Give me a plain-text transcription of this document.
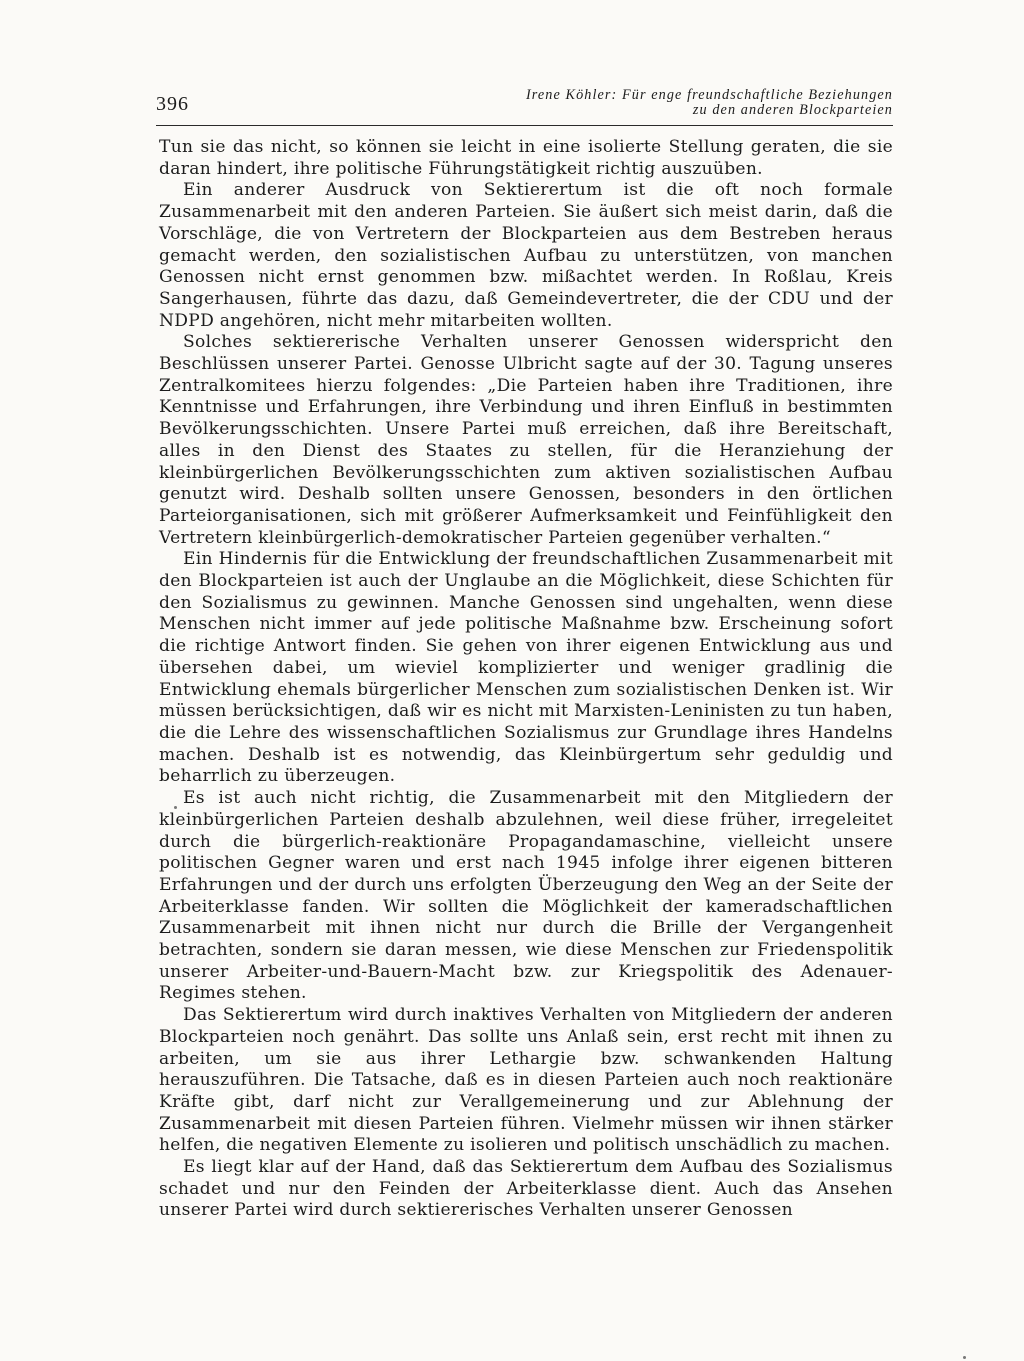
396	Irene Köhler: Für enge freundschaftliche Beziehungen
zu den anderen Blockparteien

Tun sie das nicht, so können sie leicht in eine isolierte Stellung geraten, die sie daran hindert, ihre politische Führungstätigkeit richtig auszuüben.

Ein anderer Ausdruck von Sektierertum ist die oft noch formale Zusammenarbeit mit den anderen Parteien. Sie äußert sich meist darin, daß die Vorschläge, die von Vertretern der Blockparteien aus dem Bestreben heraus gemacht werden, den sozialistischen Aufbau zu unterstützen, von manchen Genossen nicht ernst genommen bzw. mißachtet werden. In Roßlau, Kreis Sangerhausen, führte das dazu, daß Gemeindevertreter, die der CDU und der NDPD angehören, nicht mehr mitarbeiten wollten.

Solches sektiererische Verhalten unserer Genossen widerspricht den Beschlüssen unserer Partei. Genosse Ulbricht sagte auf der 30. Tagung unseres Zentralkomitees hierzu folgendes: „Die Parteien haben ihre Traditionen, ihre Kenntnisse und Erfahrungen, ihre Verbindung und ihren Einfluß in bestimmten Bevölkerungsschichten. Unsere Partei muß erreichen, daß ihre Bereitschaft, alles in den Dienst des Staates zu stellen, für die Heranziehung der kleinbürgerlichen Bevölkerungsschichten zum aktiven sozialistischen Aufbau genutzt wird. Deshalb sollten unsere Genossen, besonders in den örtlichen Parteiorganisationen, sich mit größerer Aufmerksamkeit und Feinfühligkeit den Vertretern kleinbürgerlich-demokratischer Parteien gegenüber verhalten.“

Ein Hindernis für die Entwicklung der freundschaftlichen Zusammenarbeit mit den Blockparteien ist auch der Unglaube an die Möglichkeit, diese Schichten für den Sozialismus zu gewinnen. Manche Genossen sind ungehalten, wenn diese Menschen nicht immer auf jede politische Maßnahme bzw. Erscheinung sofort die richtige Antwort finden. Sie gehen von ihrer eigenen Entwicklung aus und übersehen dabei, um wieviel komplizierter und weniger gradlinig die Entwicklung ehemals bürgerlicher Menschen zum sozialistischen Denken ist. Wir müssen berücksichtigen, daß wir es nicht mit Marxisten-Leninisten zu tun haben, die die Lehre des wissenschaftlichen Sozialismus zur Grundlage ihres Handelns machen. Deshalb ist es notwendig, das Kleinbürgertum sehr geduldig und beharrlich zu überzeugen.

Es ist auch nicht richtig, die Zusammenarbeit mit den Mitgliedern der kleinbürgerlichen Parteien deshalb abzulehnen, weil diese früher, irregeleitet durch die bürgerlich-reaktionäre Propagandamaschine, vielleicht unsere politischen Gegner waren und erst nach 1945 infolge ihrer eigenen bitteren Erfahrungen und der durch uns erfolgten Überzeugung den Weg an der Seite der Arbeiterklasse fanden. Wir sollten die Möglichkeit der kameradschaftlichen Zusammenarbeit mit ihnen nicht nur durch die Brille der Vergangenheit betrachten, sondern sie daran messen, wie diese Menschen zur Friedenspolitik unserer Arbeiter-und-Bauern-Macht bzw. zur Kriegspolitik des Adenauer-Regimes stehen.

Das Sektierertum wird durch inaktives Verhalten von Mitgliedern der anderen Blockparteien noch genährt. Das sollte uns Anlaß sein, erst recht mit ihnen zu arbeiten, um sie aus ihrer Lethargie bzw. schwankenden Haltung herauszuführen. Die Tatsache, daß es in diesen Parteien auch noch reaktionäre Kräfte gibt, darf nicht zur Verallgemeinerung und zur Ablehnung der Zusammenarbeit mit diesen Parteien führen. Vielmehr müssen wir ihnen stärker helfen, die negativen Elemente zu isolieren und politisch unschädlich zu machen.

Es liegt klar auf der Hand, daß das Sektierertum dem Aufbau des Sozialismus schadet und nur den Feinden der Arbeiterklasse dient. Auch das Ansehen unserer Partei wird durch sektiererisches Verhalten unserer Genossen
